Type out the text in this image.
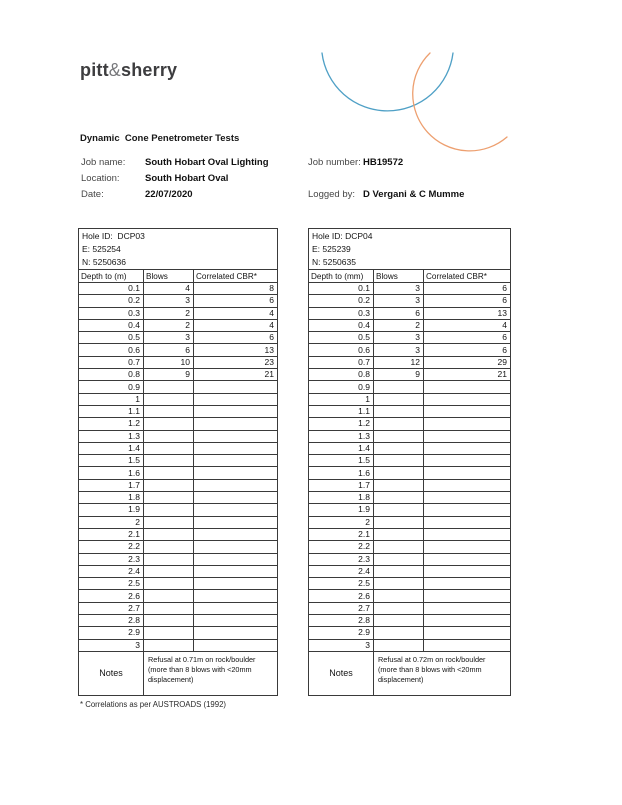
pitt&sherry
Dynamic  Cone Penetrometer Tests
Job name: South Hobart Oval Lighting	Job number: HB19572
Location:	South Hobart Oval
Date:	22/07/2020	Logged by: D Vergani & C Mumme
Hole ID:  DCP03
E: 525254
N: 5250636		

Depth to (m)	Blows	Correlated CBR*
0.1	4	8
0.2	3	6
0.3	2	4
0.4	2	4
0.5	3	6
0.6	6	13
0.7	10	23
0.8	9	21
0.9		
1		
1.1		
1.2		
1.3		
1.4		
1.5		
1.6		
1.7		
1.8		
1.9		
2		
2.1		
2.2		
2.3		
2.4		
2.5		
2.6		
2.7		
2.8		
2.9		
3		
Notes	Refusal at 0.71m on rock/boulder (more than 8 blows with <20mm displacement)	
Hole ID: DCP04
E: 525239
N: 5250635		

Depth to (mm)	Blows	Correlated CBR*
0.1	3	6
0.2	3	6
0.3	6	13
0.4	2	4
0.5	3	6
0.6	3	6
0.7	12	29
0.8	9	21
0.9		
1		
1.1		
1.2		
1.3		
1.4		
1.5		
1.6		
1.7		
1.8		
1.9		
2		
2.1		
2.2		
2.3		
2.4		
2.5		
2.6		
2.7		
2.8		
2.9		
3		
Notes	Refusal at 0.72m on rock/boulder (more than 8 blows with <20mm displacement)	
* Correlations as per AUSTROADS (1992)
